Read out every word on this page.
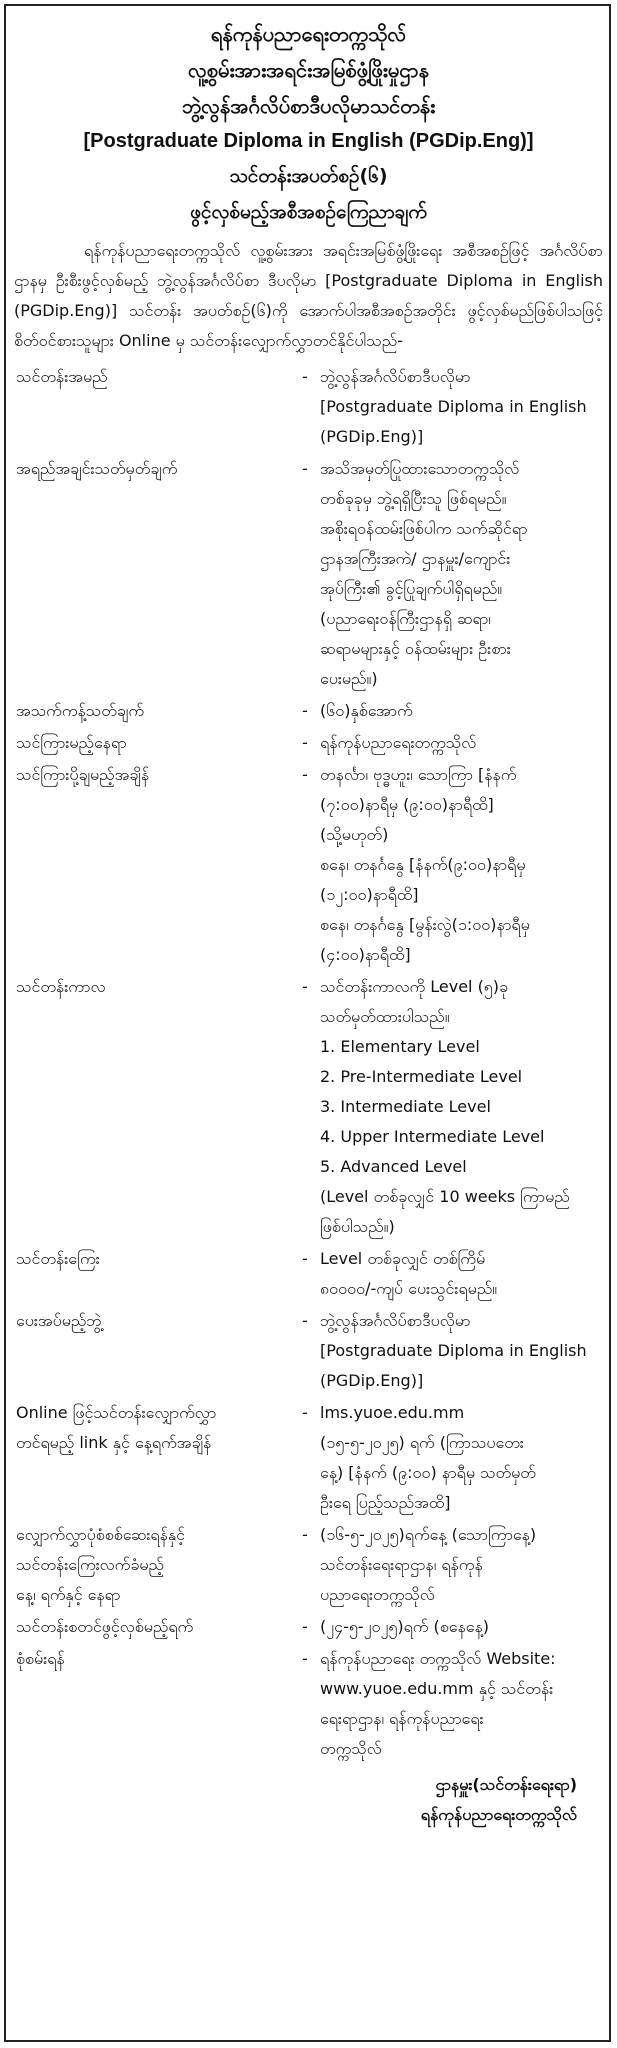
ရန်ကုန်ပညာရေးတက္ကသိုလ်
လူ့စွမ်းအားအရင်းအမြစ်ဖွံ့ဖြိုးမှုဌာန
ဘွဲ့လွန်အင်္ဂလိပ်စာဒီပလိုမာသင်တန်း
[Postgraduate Diploma in English (PGDip.Eng)]
သင်တန်းအပတ်စဉ်(၆)
ဖွင့်လှစ်မည့်အစီအစဉ်ကြေညာချက်
ရန်ကုန်ပညာရေးတက္ကသိုလ် လူ့စွမ်းအား အရင်းအမြစ်ဖွံ့ဖြိုးရေး အစီအစဉ်ဖြင့် အင်္ဂလိပ်စာဌာနမှ ဦးစီးဖွင့်လှစ်မည့် ဘွဲ့လွန်အင်္ဂလိပ်စာ ဒီပလိုမာ [Postgraduate Diploma in English (PGDip.Eng)] သင်တန်း အပတ်စဉ်(၆)ကို အောက်ပါအစီအစဉ်အတိုင်း ဖွင့်လှစ်မည်ဖြစ်ပါသဖြင့် စိတ်ဝင်စားသူများ Online မှ သင်တန်းလျှောက်လွှာတင်နိုင်ပါသည်-
သင်တန်းအမည်	- ဘွဲ့လွန်အင်္ဂလိပ်စာဒီပလိုမာ
[Postgraduate Diploma in English
(PGDip.Eng)]
အရည်အချင်းသတ်မှတ်ချက်	- အသိအမှတ်ပြုထားသောတက္ကသိုလ်
တစ်ခုခုမှ ဘွဲ့ရရှိပြီးသူ ဖြစ်ရမည်။
အစိုးရဝန်ထမ်းဖြစ်ပါက သက်ဆိုင်ရာ
ဌာနအကြီးအကဲ/ ဌာနမှူး/ကျောင်း
အုပ်ကြီး၏ ခွင့်ပြုချက်ပါရှိရမည်။
(ပညာရေးဝန်ကြီးဌာနရှိ ဆရာ၊
ဆရာမများနှင့် ဝန်ထမ်းများ ဦးစား
ပေးမည်။)
အသက်ကန့်သတ်ချက်	- (၆၀)နှစ်အောက်
သင်ကြားမည့်နေရာ	- ရန်ကုန်ပညာရေးတက္ကသိုလ်
သင်ကြားပို့ချမည့်အချိန်	- တနင်္လာ၊ ဗုဒ္ဓဟူး၊ သောကြာ [နံနက်
(၇:၀၀)နာရီမှ (၉:၀၀)နာရီထိ]
(သို့မဟုတ်)
စနေ၊ တနင်္ဂနွေ [နံနက်(၉:၀၀)နာရီမှ
(၁၂:၀၀)နာရီထိ]
စနေ၊ တနင်္ဂနွေ [မွန်းလွဲ(၁:၀၀)နာရီမှ
(၄:၀၀)နာရီထိ]
သင်တန်းကာလ	- သင်တန်းကာလကို Level (၅)ခု
သတ်မှတ်ထားပါသည်။
1. Elementary Level
2. Pre-Intermediate Level
3. Intermediate Level
4. Upper Intermediate Level
5. Advanced Level
(Level တစ်ခုလျှင် 10 weeks ကြာမည်
ဖြစ်ပါသည်။)
သင်တန်းကြေး	- Level တစ်ခုလျှင် တစ်ကြိမ်
၈၀၀၀၀/-ကျပ် ပေးသွင်းရမည်။
ပေးအပ်မည့်ဘွဲ့	- ဘွဲ့လွန်အင်္ဂလိပ်စာဒီပလိုမာ
[Postgraduate Diploma in English
(PGDip.Eng)]
Online ဖြင့်သင်တန်းလျှောက်လွှာ
တင်ရမည့် link နှင့် နေ့ရက်အချိန်
- lms.yuoe.edu.mm
(၁၅-၅-၂၀၂၅) ရက် (ကြာသပတေး
နေ့) [နံနက် (၉:၀၀) နာရီမှ သတ်မှတ်
ဦးရေ ပြည့်သည်အထိ]
လျှောက်လွှာပုံစံစစ်ဆေးရန်နှင့်
သင်တန်းကြေးလက်ခံမည့်
နေ့၊ ရက်နှင့် နေရာ
- (၁၆-၅-၂၀၂၅)ရက်နေ့ (သောကြာနေ့)
သင်တန်းရေးရာဌာန၊ ရန်ကုန်
ပညာရေးတက္ကသိုလ်
သင်တန်းစတင်ဖွင့်လှစ်မည့်ရက်	- (၂၄-၅-၂၀၂၅)ရက် (စနေနေ့)
စုံစမ်းရန်	- ရန်ကုန်ပညာရေး တက္ကသိုလ် Website:
www.yuoe.edu.mm နှင့် သင်တန်း
ရေးရာဌာန၊ ရန်ကုန်ပညာရေး
တက္ကသိုလ်
ဌာနမှူး(သင်တန်းရေးရာ)
ရန်ကုန်ပညာရေးတက္ကသိုလ်
